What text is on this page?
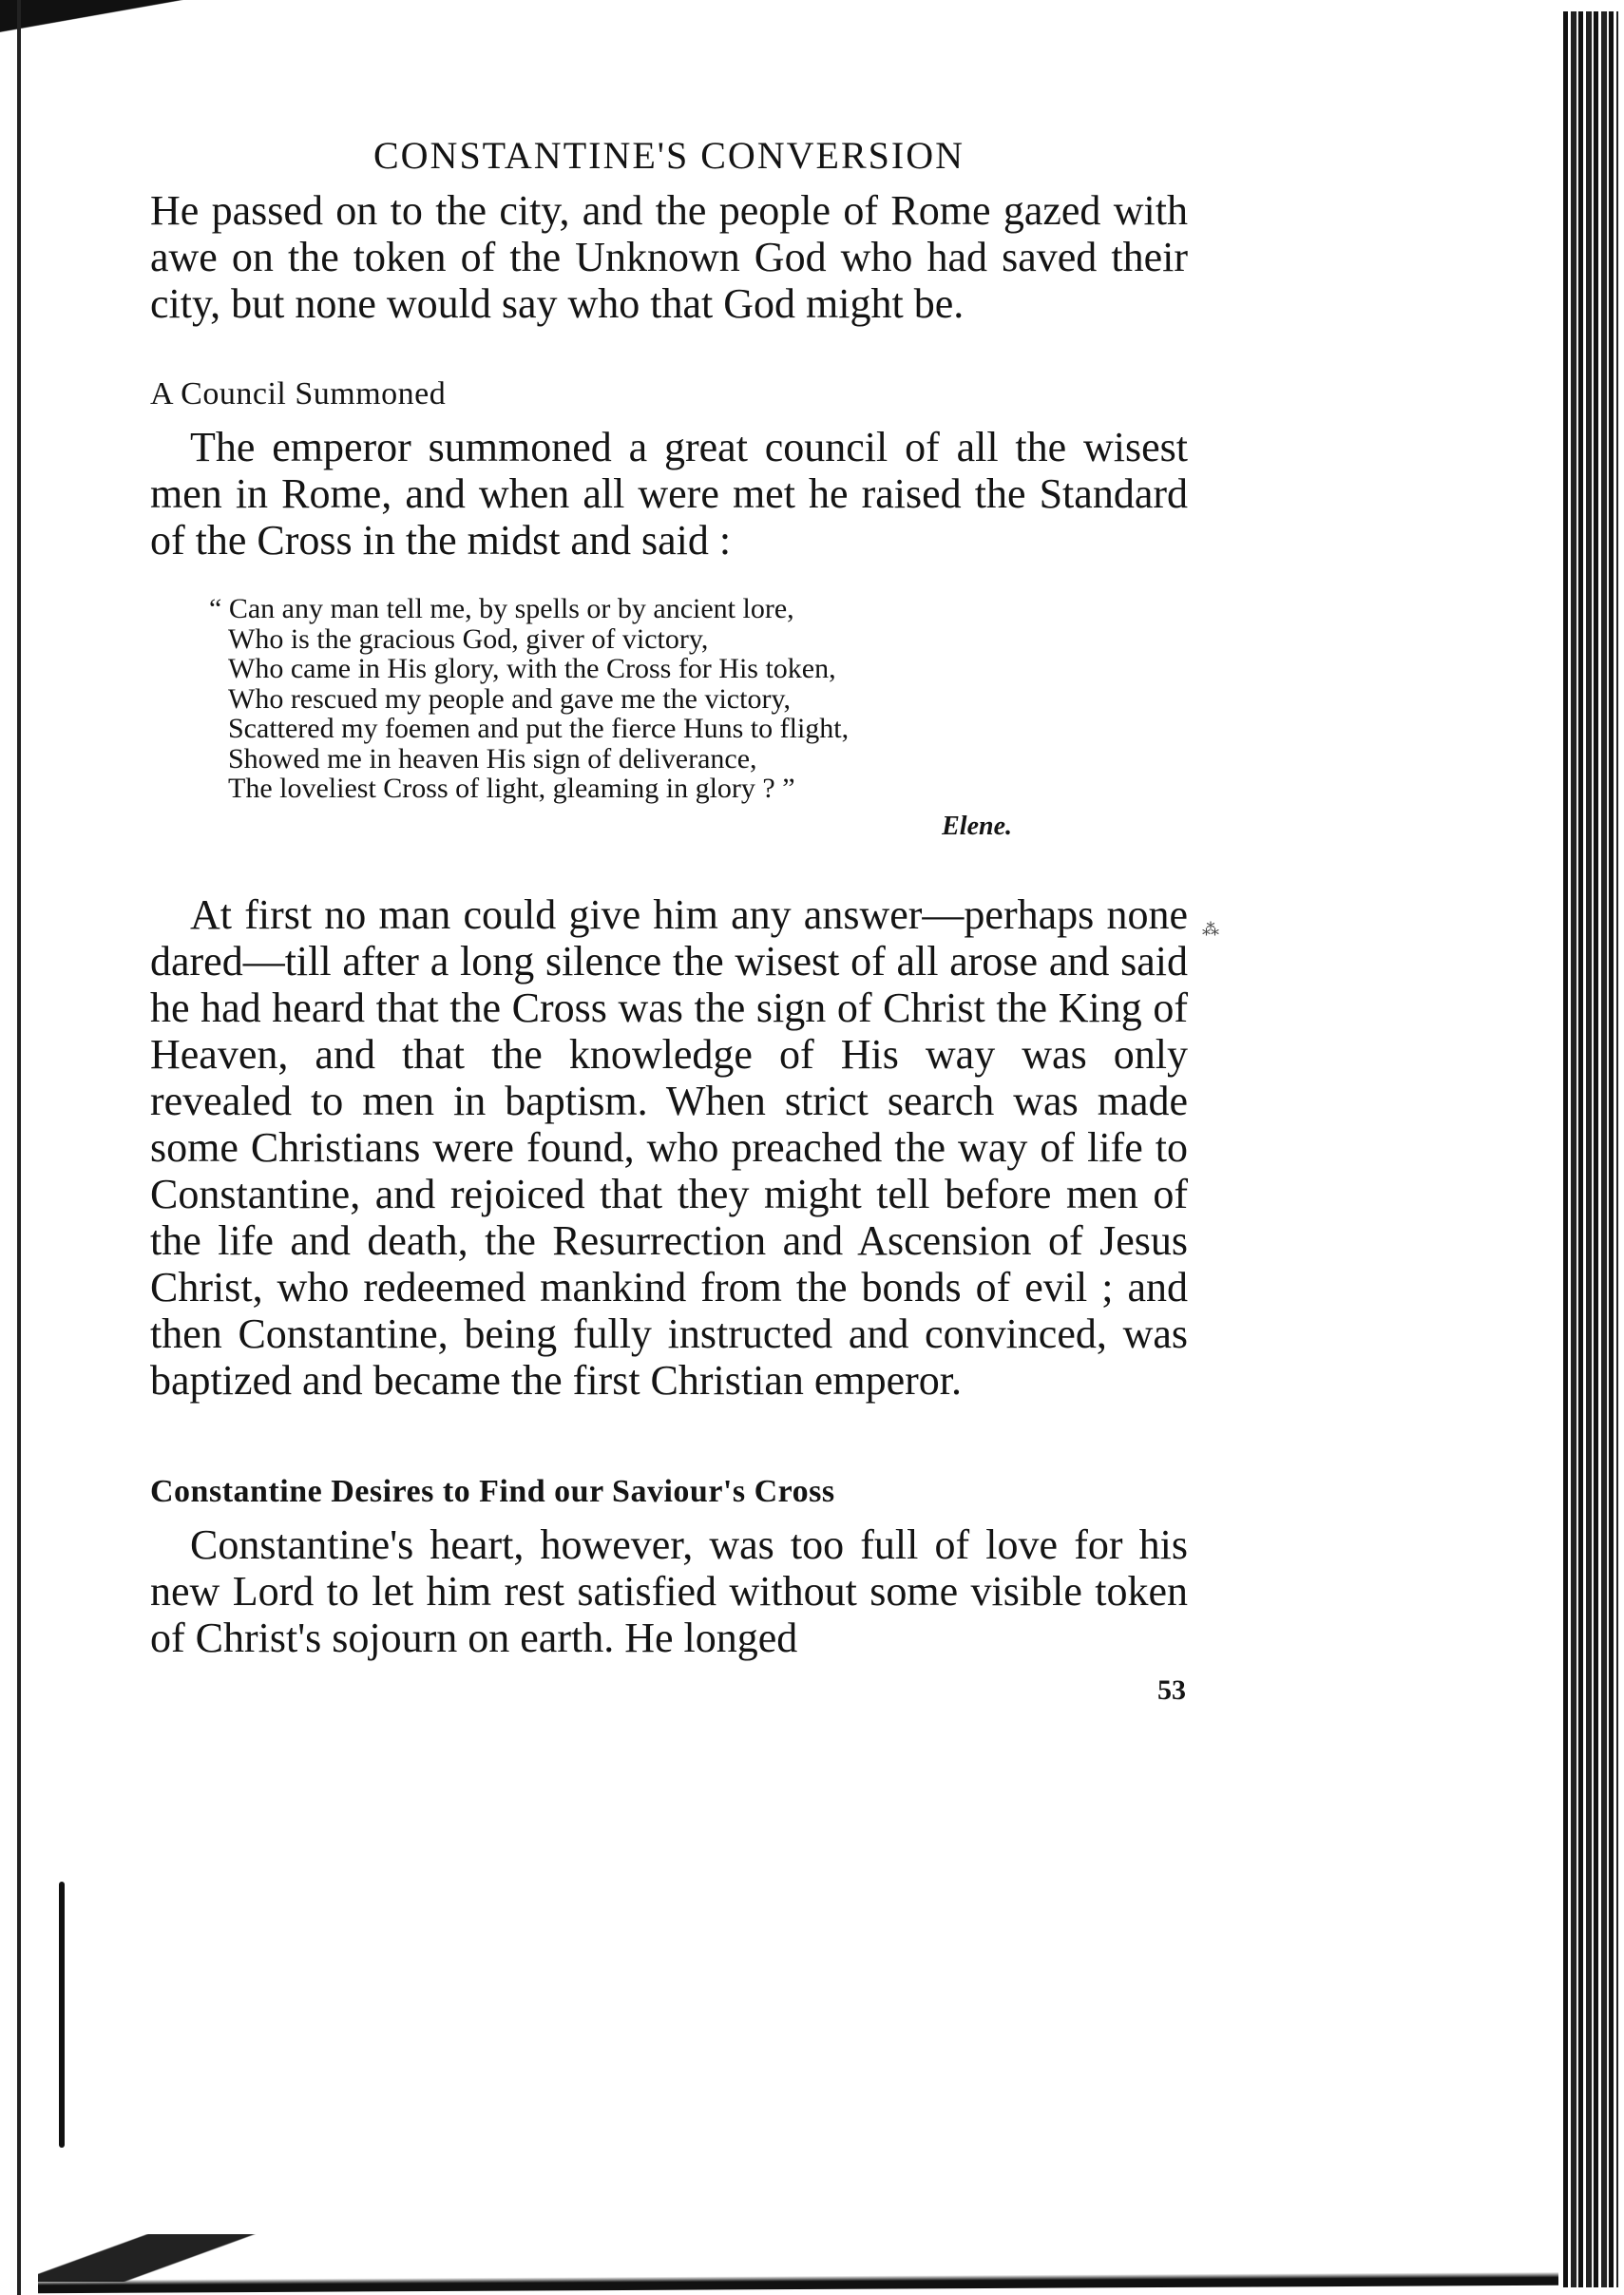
⁂
CONSTANTINE'S CONVERSION

He passed on to the city, and the people of Rome gazed with awe on the token of the Unknown God who had saved their city, but none would say who that God might be.

A Council Summoned

The emperor summoned a great council of all the wisest men in Rome, and when all were met he raised the Standard of the Cross in the midst and said :

“ Can any man tell me, by spells or by ancient lore,
Who is the gracious God, giver of victory,
Who came in His glory, with the Cross for His token,
Who rescued my people and gave me the victory,
Scattered my foemen and put the fierce Huns to flight,
Showed me in heaven His sign of deliverance,
The loveliest Cross of light, gleaming in glory ? ”
Elene.

At first no man could give him any answer—perhaps none dared—till after a long silence the wisest of all arose and said he had heard that the Cross was the sign of Christ the King of Heaven, and that the knowledge of His way was only revealed to men in baptism. When strict search was made some Christians were found, who preached the way of life to Constantine, and rejoiced that they might tell before men of the life and death, the Resurrection and Ascension of Jesus Christ, who redeemed mankind from the bonds of evil ; and then Constantine, being fully instructed and convinced, was baptized and became the first Christian emperor.

Constantine Desires to Find our Saviour's Cross

Constantine's heart, however, was too full of love for his new Lord to let him rest satisfied without some visible token of Christ's sojourn on earth. He longed

53
